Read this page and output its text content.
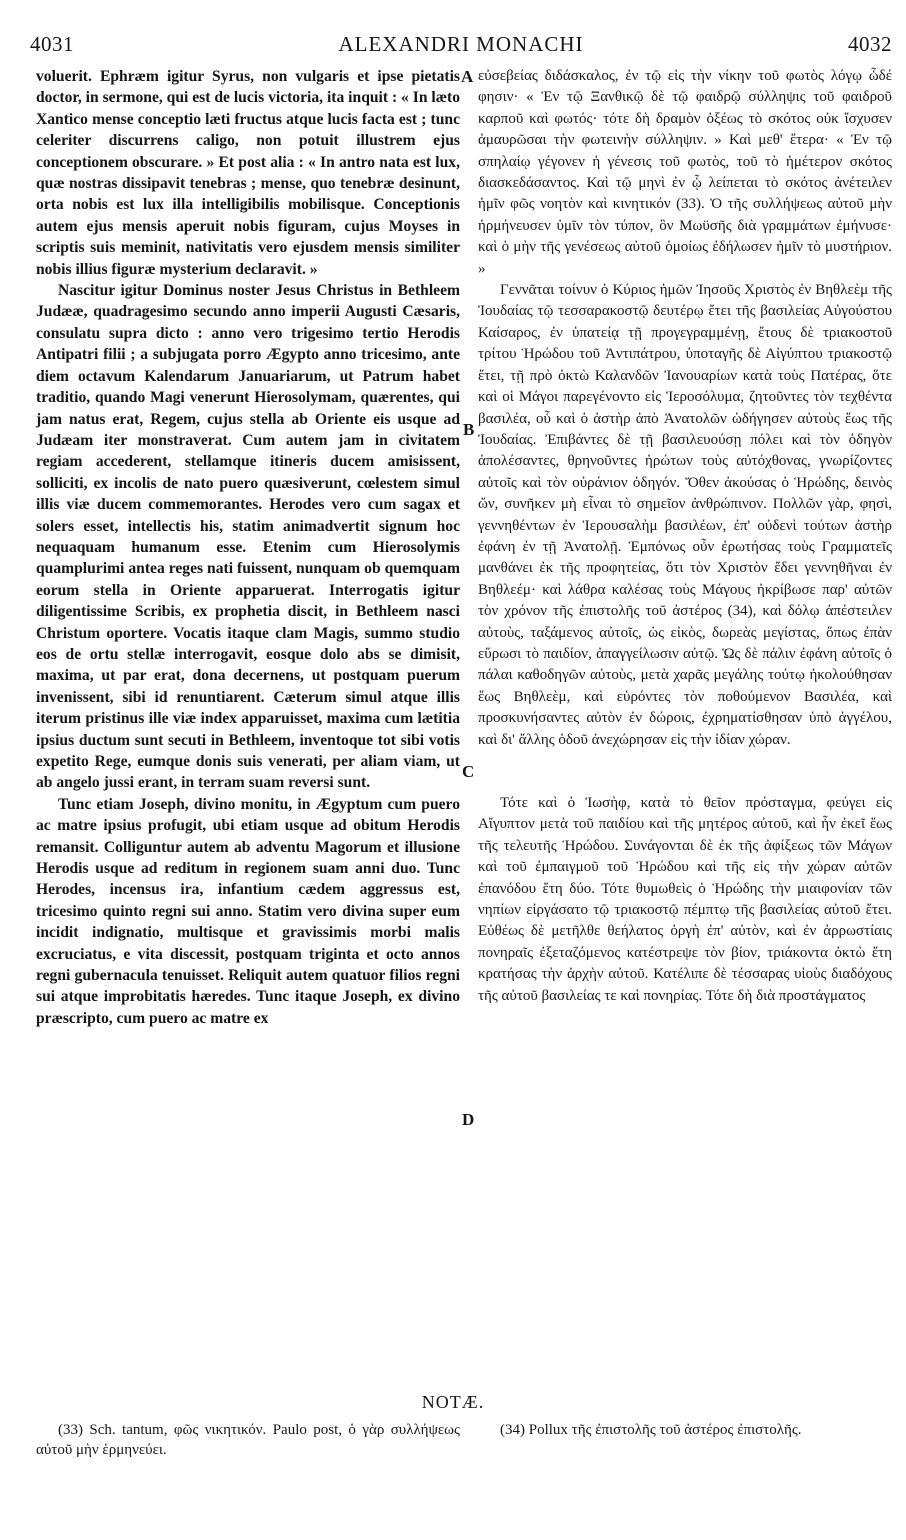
4031	ALEXANDRI MONACHI	4032

voluerit. Ephræm igitur Syrus, non vulgaris et ipse pietatis doctor, in sermone, qui est de lucis victoria, ita inquit : « In læto Xantico mense conceptio læti fructus atque lucis facta est ; tunc celeriter discurrens caligo, non potuit illustrem ejus conceptionem obscurare. » Et post alia : « In antro nata est lux, quæ nostras dissipavit tenebras ; mense, quo tenebræ desinunt, orta nobis est lux illa intelligibilis mobilisque. Conceptionis autem ejus mensis aperuit nobis figuram, cujus Moyses in scriptis suis meminit, nativitatis vero ejusdem mensis similiter nobis illius figuræ mysterium declaravit. »

Nascitur igitur Dominus noster Jesus Christus in Bethleem Judææ, quadragesimo secundo anno imperii Augusti Cæsaris, consulatu supra dicto : anno vero trigesimo tertio Herodis Antipatri filii ; a subjugata porro Ægypto anno tricesimo, ante diem octavum Kalendarum Januariarum, ut Patrum habet traditio, quando Magi venerunt Hierosolymam, quærentes, qui jam natus erat, Regem, cujus stella ab Oriente eis usque ad Judæam iter monstraverat. Cum autem jam in civitatem regiam accederent, stellamque itineris ducem amisissent, solliciti, ex incolis de nato puero quæsiverunt, cœlestem simul illis viæ ducem commemorantes. Herodes vero cum sagax et solers esset, intellectis his, statim animadvertit signum hoc nequaquam humanum esse. Etenim cum Hierosolymis quamplurimi antea reges nati fuissent, nunquam ob quemquam eorum stella in Oriente apparuerat. Interrogatis igitur diligentissime Scribis, ex prophetia discit, in Bethleem nasci Christum oportere. Vocatis itaque clam Magis, summo studio eos de ortu stellæ interrogavit, eosque dolo abs se dimisit, maxima, ut par erat, dona decernens, ut postquam puerum invenissent, sibi id renuntiarent. Cæterum simul atque illis iterum pristinus ille viæ index apparuisset, maxima cum lætitia ipsius ductum sunt secuti in Bethleem, inventoque tot sibi votis expetito Rege, eumque donis suis venerati, per aliam viam, ut ab angelo jussi erant, in terram suam reversi sunt.

Tunc etiam Joseph, divino monitu, in Ægyptum cum puero ac matre ipsius profugit, ubi etiam usque ad obitum Herodis remansit. Colliguntur autem ab adventu Magorum et illusione Herodis usque ad reditum in regionem suam anni duo. Tunc Herodes, incensus ira, infantium cædem aggressus est, tricesimo quinto regni sui anno. Statim vero divina super eum incidit indignatio, multisque et gravissimis morbi malis excruciatus, e vita discessit, postquam triginta et octo annos regni gubernacula tenuisset. Reliquit autem quatuor filios regni sui atque improbitatis hæredes. Tunc itaque Joseph, ex divino præscripto, cum puero ac matre ex

εὐσεβείας διδάσκαλος, ἐν τῷ εἰς τὴν νίκην τοῦ φωτὸς λόγῳ ὧδέ φησιν· « Ἐν τῷ Ξανθικῷ δὲ τῷ φαιδρῷ σύλληψις τοῦ φαιδροῦ καρποῦ καὶ φωτός· τότε δὴ δραμὸν ὀξέως τὸ σκότος οὐκ ἴσχυσεν ἀμαυρῶσαι τὴν φωτεινὴν σύλληψιν. » Καὶ μεθ' ἕτερα· « Ἐν τῷ σπηλαίῳ γέγονεν ἡ γένεσις τοῦ φωτὸς, τοῦ τὸ ἡμέτερον σκότος διασκεδάσαντος. Καὶ τῷ μηνὶ ἐν ᾧ λείπεται τὸ σκότος ἀνέτειλεν ἡμῖν φῶς νοητὸν καὶ κινητικόν (33). Ὁ τῆς συλλήψεως αὐτοῦ μὴν ἡρμήνευσεν ὑμῖν τὸν τύπον, ὃν Μωϋσῆς διὰ γραμμάτων ἐμήνυσε· καὶ ὁ μὴν τῆς γενέσεως αὐτοῦ ὁμοίως ἐδήλωσεν ἡμῖν τὸ μυστήριον. »

Γεννᾶται τοίνυν ὁ Κύριος ἡμῶν Ἰησοῦς Χριστὸς ἐν Βηθλεὲμ τῆς Ἰουδαίας τῷ τεσσαρακοστῷ δευτέρῳ ἔτει τῆς βασιλείας Αὐγούστου Καίσαρος, ἐν ὑπατείᾳ τῇ προγεγραμμένῃ, ἔτους δὲ τριακοστοῦ τρίτου Ἡρώδου τοῦ Ἀντιπάτρου, ὑποταγῆς δὲ Αἰγύπτου τριακοστῷ ἔτει, τῇ πρὸ ὀκτὼ Καλανδῶν Ἰανουαρίων κατὰ τοὺς Πατέρας, ὅτε καὶ οἱ Μάγοι παρεγένοντο εἰς Ἱεροσόλυμα, ζητοῦντες τὸν τεχθέντα βασιλέα, οὗ καὶ ὁ ἀστὴρ ἀπὸ Ἀνατολῶν ὡδήγησεν αὐτοὺς ἕως τῆς Ἰουδαίας. Ἐπιβάντες δὲ τῇ βασιλευούσῃ πόλει καὶ τὸν ὁδηγὸν ἀπολέσαντες, θρηνοῦντες ἠρώτων τοὺς αὐτόχθονας, γνωρίζοντες αὐτοῖς καὶ τὸν οὐράνιον ὁδηγόν. Ὅθεν ἀκούσας ὁ Ἡρώδης, δεινὸς ὤν, συνῆκεν μὴ εἶναι τὸ σημεῖον ἀνθρώπινον. Πολλῶν γὰρ, φησὶ, γεννηθέντων ἐν Ἱερουσαλὴμ βασιλέων, ἐπ' οὐδενὶ τούτων ἀστὴρ ἐφάνη ἐν τῇ Ἀνατολῇ. Ἐμπόνως οὖν ἐρωτήσας τοὺς Γραμματεῖς μανθάνει ἐκ τῆς προφητείας, ὅτι τὸν Χριστὸν ἔδει γεννηθῆναι ἐν Βηθλεέμ· καὶ λάθρα καλέσας τοὺς Μάγους ἠκρίβωσε παρ' αὐτῶν τὸν χρόνον τῆς ἐπιστολῆς τοῦ ἀστέρος (34), καὶ δόλῳ ἀπέστειλεν αὐτοὺς, ταξάμενος αὐτοῖς, ὡς εἰκὸς, δωρεὰς μεγίστας, ὅπως ἐπὰν εὕρωσι τὸ παιδίον, ἀπαγγείλωσιν αὐτῷ. Ὡς δὲ πάλιν ἐφάνη αὐτοῖς ὁ πάλαι καθοδηγῶν αὐτοὺς, μετὰ χαρᾶς μεγάλης τούτῳ ἠκολούθησαν ἕως Βηθλεὲμ, καὶ εὑρόντες τὸν ποθούμενον Βασιλέα, καὶ προσκυνήσαντες αὐτὸν ἐν δώροις, ἐχρηματίσθησαν ὑπὸ ἀγγέλου, καὶ δι' ἄλλης ὁδοῦ ἀνεχώρησαν εἰς τὴν ἰδίαν χώραν.

Τότε καὶ ὁ Ἰωσὴφ, κατὰ τὸ θεῖον πρόσταγμα, φεύγει εἰς Αἴγυπτον μετὰ τοῦ παιδίου καὶ τῆς μητέρος αὐτοῦ, καὶ ἦν ἐκεῖ ἕως τῆς τελευτῆς Ἡρώδου. Συνάγονται δὲ ἐκ τῆς ἀφίξεως τῶν Μάγων καὶ τοῦ ἐμπαιγμοῦ τοῦ Ἡρώδου καὶ τῆς εἰς τὴν χώραν αὐτῶν ἐπανόδου ἔτη δύο. Τότε θυμωθεὶς ὁ Ἡρώδης τὴν μιαιφονίαν τῶν νηπίων εἰργάσατο τῷ τριακοστῷ πέμπτῳ τῆς βασιλείας αὐτοῦ ἔτει. Εὐθέως δὲ μετῆλθε θεήλατος ὀργὴ ἐπ' αὐτὸν, καὶ ἐν ἀρρωστίαις πονηραῖς ἐξεταζόμενος κατέστρεψε τὸν βίον, τριάκοντα ὀκτὼ ἔτη κρατήσας τὴν ἀρχὴν αὐτοῦ. Κατέλιπε δὲ τέσσαρας υἱοὺς διαδόχους τῆς αὐτοῦ βασιλείας τε καὶ πονηρίας. Τότε δὴ διὰ προστάγματος

A
B
C
D
NOTÆ.
(33) Sch. tantum, φῶς νικητικόν. Paulo post, ὁ γὰρ συλλήψεως αὐτοῦ μὴν ἑρμηνεύει.
(34) Pollux τῆς ἐπιστολῆς τοῦ ἀστέρος ἐπιστολῆς.
